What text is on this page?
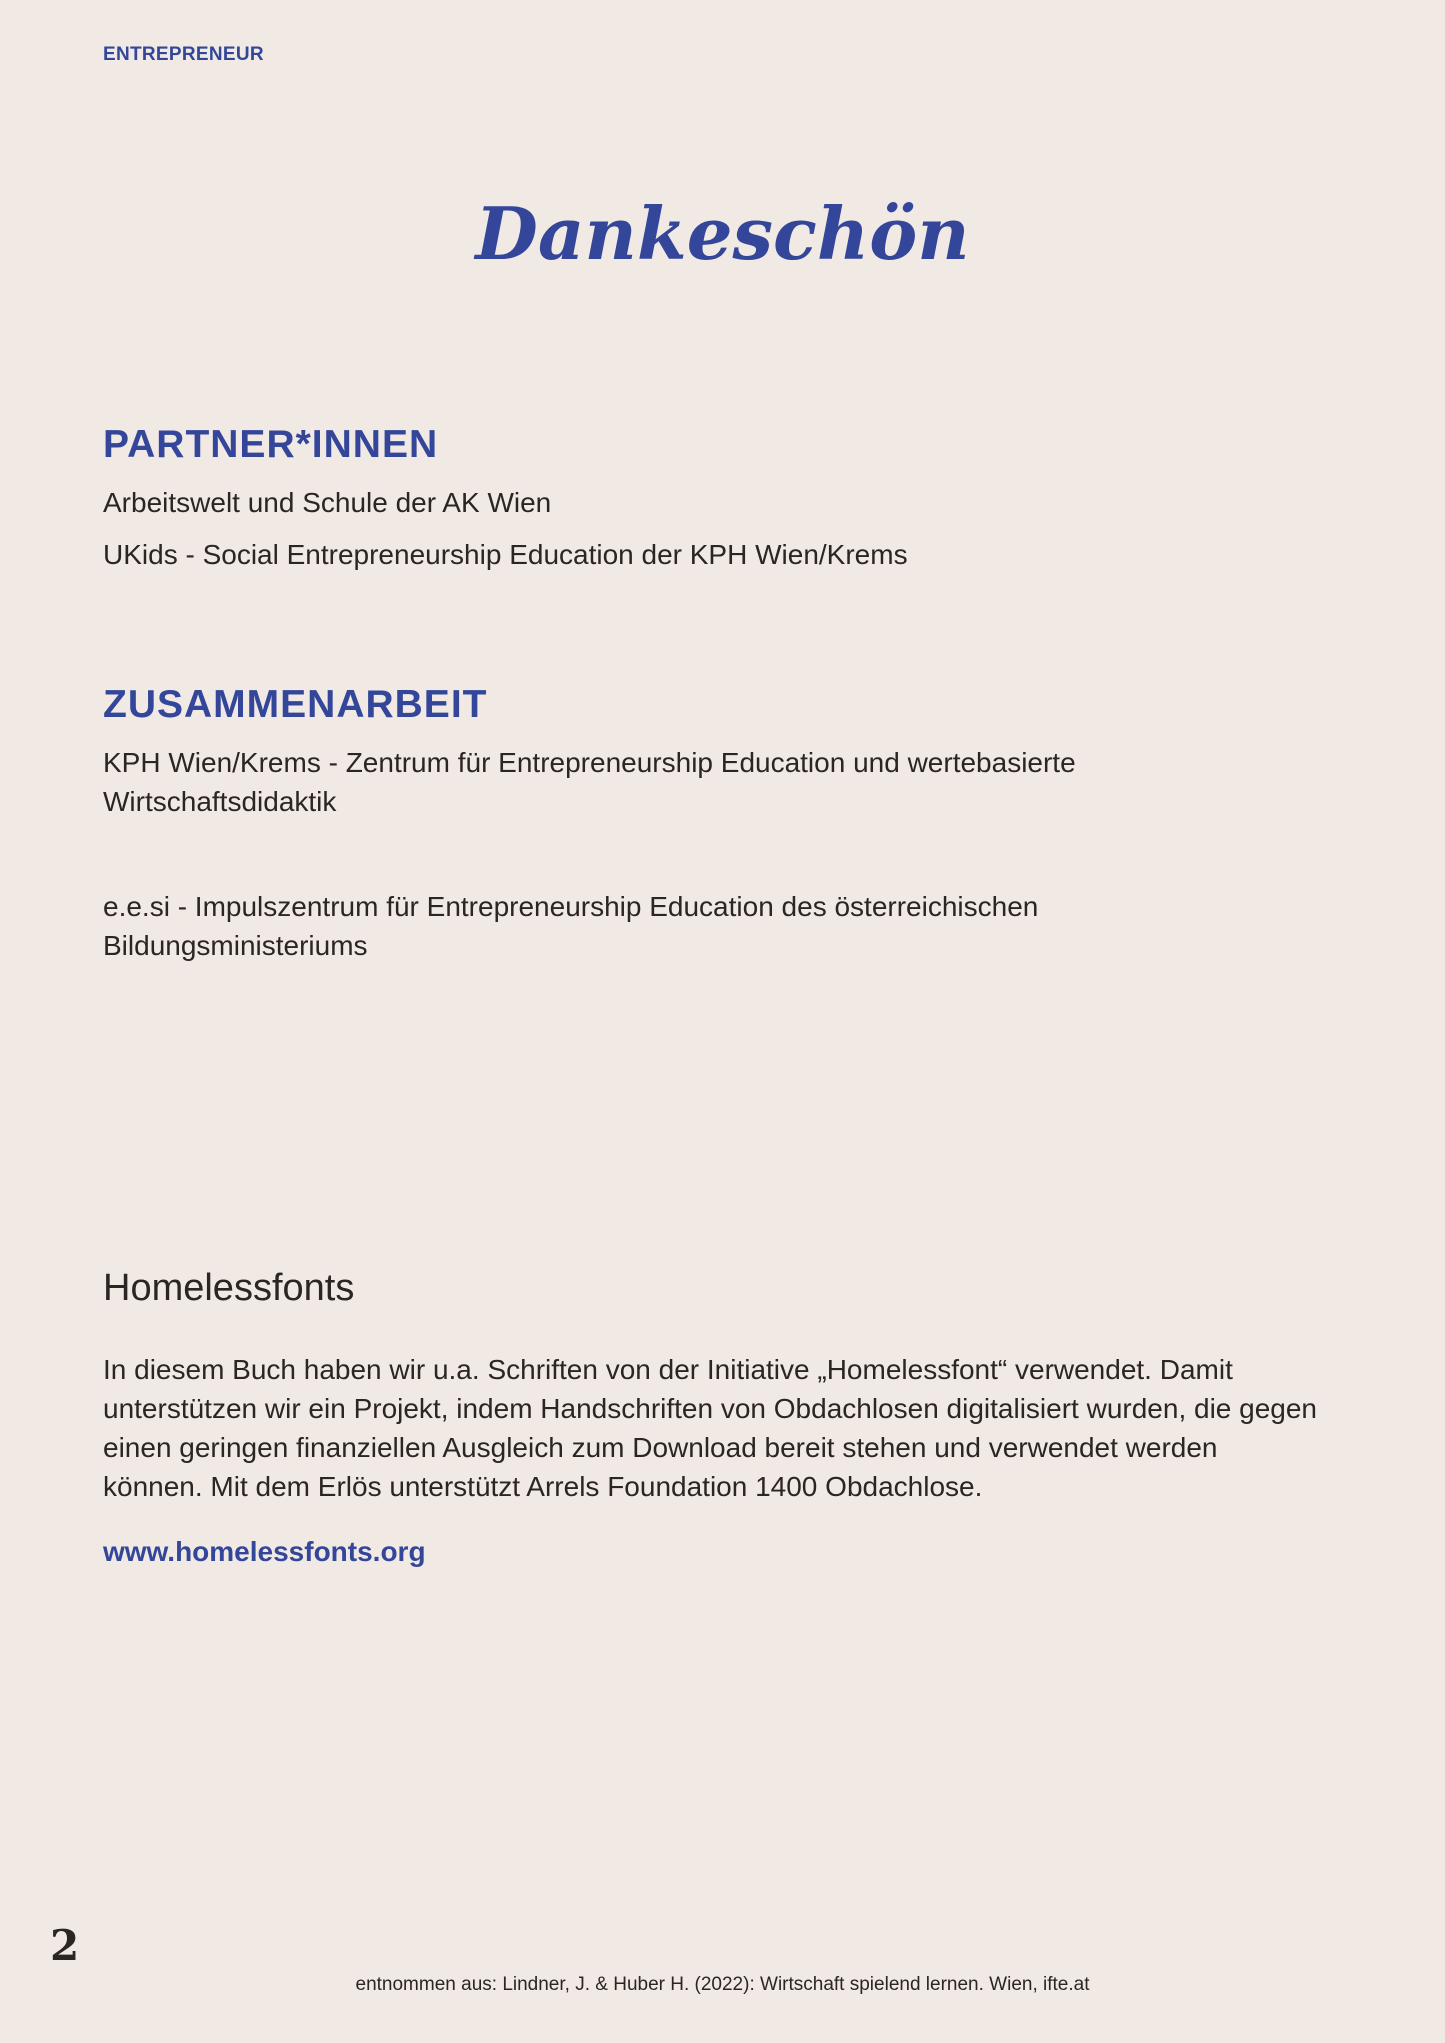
ENTREPRENEUR
Dankeschön
PARTNER*INNEN

Arbeitswelt und Schule der AK Wien

UKids - Social Entrepreneurship Education der KPH Wien/Krems

ZUSAMMENARBEIT

KPH Wien/Krems - Zentrum für Entrepreneurship Education und wertebasierte Wirtschaftsdidaktik

e.e.si - Impulszentrum für Entrepreneurship Education des österreichischen Bildungsministeriums

Homelessfonts

In diesem Buch haben wir u.a. Schriften von der Initiative „Homelessfont“ verwendet. Damit unterstützen wir ein Projekt, indem Handschriften von Obdachlosen digitalisiert wurden, die gegen einen geringen finanziellen Ausgleich zum Download bereit stehen und verwendet werden können. Mit dem Erlös unterstützt Arrels Foundation 1400 Obdachlose.

www.homelessfonts.org
2
entnommen aus: Lindner, J. & Huber H. (2022): Wirtschaft spielend lernen. Wien, ifte.at
